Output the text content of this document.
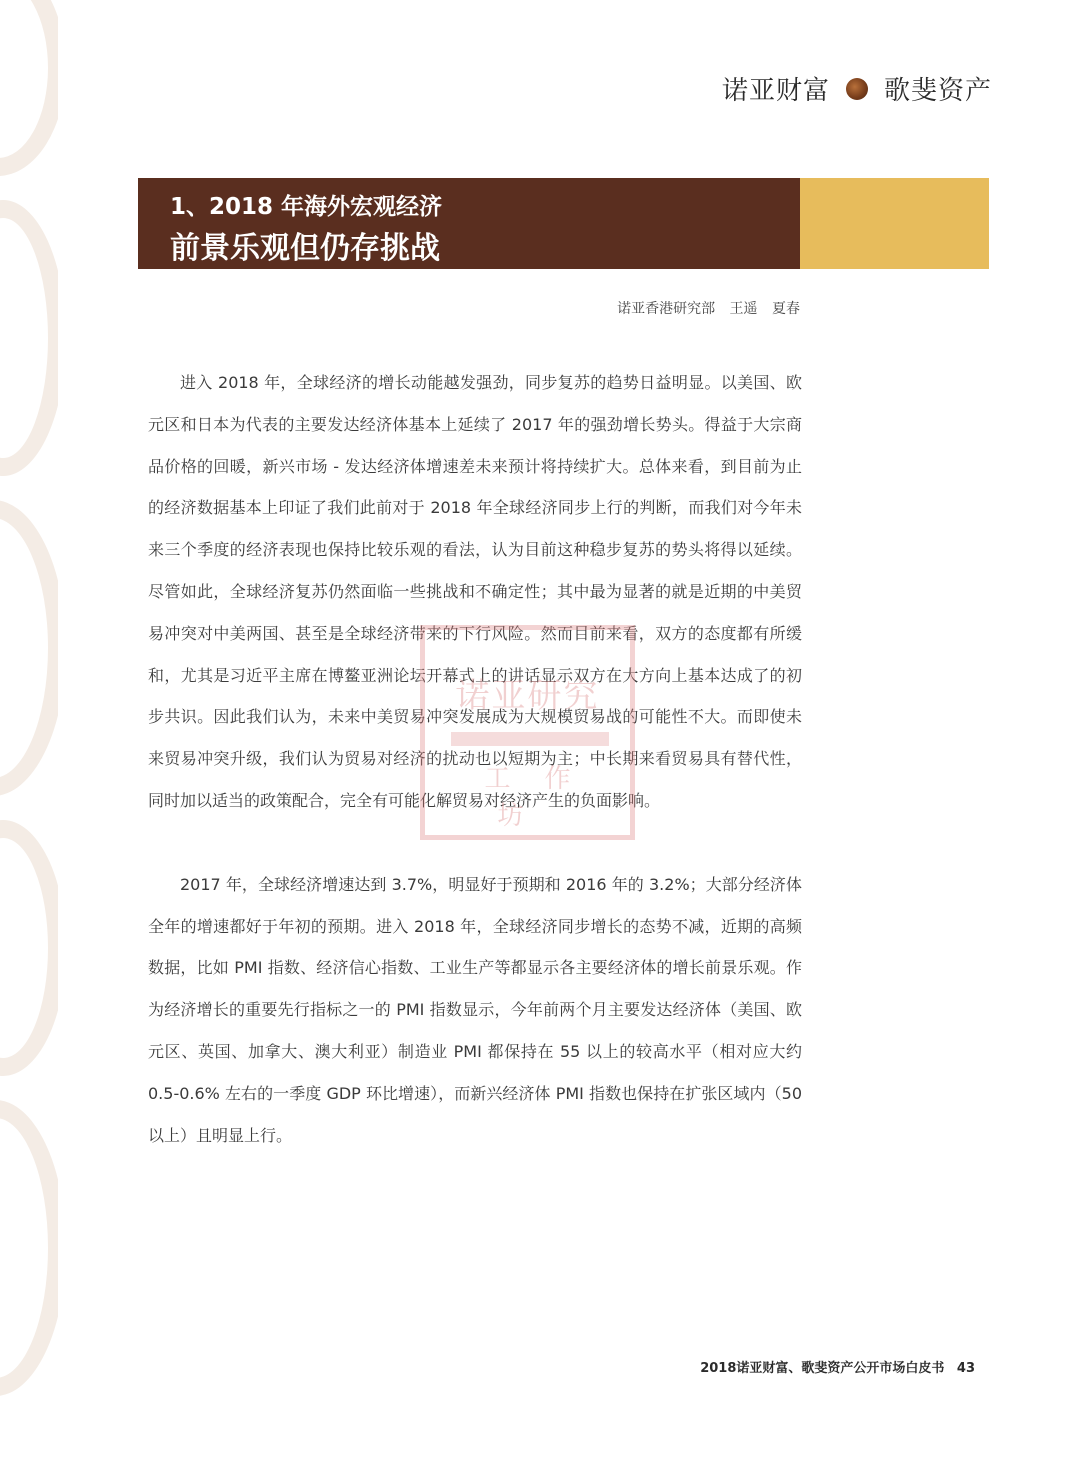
诺亚财富 歌斐资产
1、2018 年海外宏观经济
前景乐观但仍存挑战
诺亚香港研究部 王遥 夏春

进入 2018 年，全球经济的增长动能越发强劲，同步复苏的趋势日益明显。以美国、欧元区和日本为代表的主要发达经济体基本上延续了 2017 年的强劲增长势头。得益于大宗商品价格的回暖，新兴市场 - 发达经济体增速差未来预计将持续扩大。总体来看，到目前为止的经济数据基本上印证了我们此前对于 2018 年全球经济同步上行的判断，而我们对今年未来三个季度的经济表现也保持比较乐观的看法，认为目前这种稳步复苏的势头将得以延续。尽管如此，全球经济复苏仍然面临一些挑战和不确定性；其中最为显著的就是近期的中美贸易冲突对中美两国、甚至是全球经济带来的下行风险。然而目前来看，双方的态度都有所缓和，尤其是习近平主席在博鳌亚洲论坛开幕式上的讲话显示双方在大方向上基本达成了的初步共识。因此我们认为，未来中美贸易冲突发展成为大规模贸易战的可能性不大。而即使未来贸易冲突升级，我们认为贸易对经济的扰动也以短期为主；中长期来看贸易具有替代性，同时加以适当的政策配合，完全有可能化解贸易对经济产生的负面影响。

2017 年，全球经济增速达到 3.7%，明显好于预期和 2016 年的 3.2%；大部分经济体全年的增速都好于年初的预期。进入 2018 年，全球经济同步增长的态势不减，近期的高频数据，比如 PMI 指数、经济信心指数、工业生产等都显示各主要经济体的增长前景乐观。作为经济增长的重要先行指标之一的 PMI 指数显示，今年前两个月主要发达经济体（美国、欧元区、英国、加拿大、澳大利亚）制造业 PMI 都保持在 55 以上的较高水平（相对应大约 0.5-0.6% 左右的一季度 GDP 环比增速），而新兴经济体 PMI 指数也保持在扩张区域内（50 以上）且明显上行。

诺亚研究
工作坊
2018诺亚财富、歌斐资产公开市场白皮书 43
